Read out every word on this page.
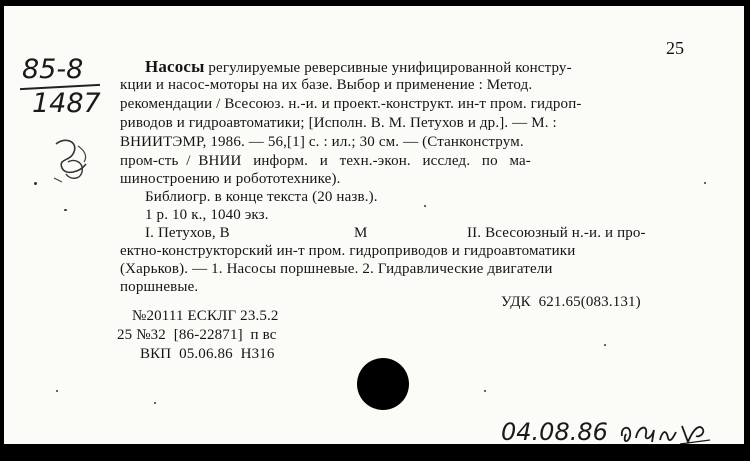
25
85-8
1487
Насосы регулируемые реверсивные унифицированной констру-
кции и насос-моторы на их базе. Выбор и применение : Метод.
рекомендации / Всесоюз. н.-и. и проект.-конструкт. ин-т пром. гидроп-
риводов и гидроавтоматики; [Исполн. В. М. Петухов и др.]. — М. :
ВНИИТЭМР, 1986. — 56,[1] с. : ил.; 30 см. — (Станконструм.
пром-сть  /  ВНИИ   информ.   и   техн.-экон.   исслед.   по   ма-
шиностроению и робототехнике).
Библиогр. в конце текста (20 назв.).
1 р. 10 к., 1040 экз.
I. Петухов, В	М	II. Всесоюзный н.-и. и про-
ектно-конструкторский ин-т пром. гидроприводов и гидроавтоматики
(Харьков). — 1. Насосы поршневые. 2. Гидравлические двигатели
поршневые.
УДК  621.65(083.131)
№20111 ЕСКЛГ 23.5.2
25 №32  [86-22871]  п вс
ВКП  05.06.86  Н316
04.08.86
